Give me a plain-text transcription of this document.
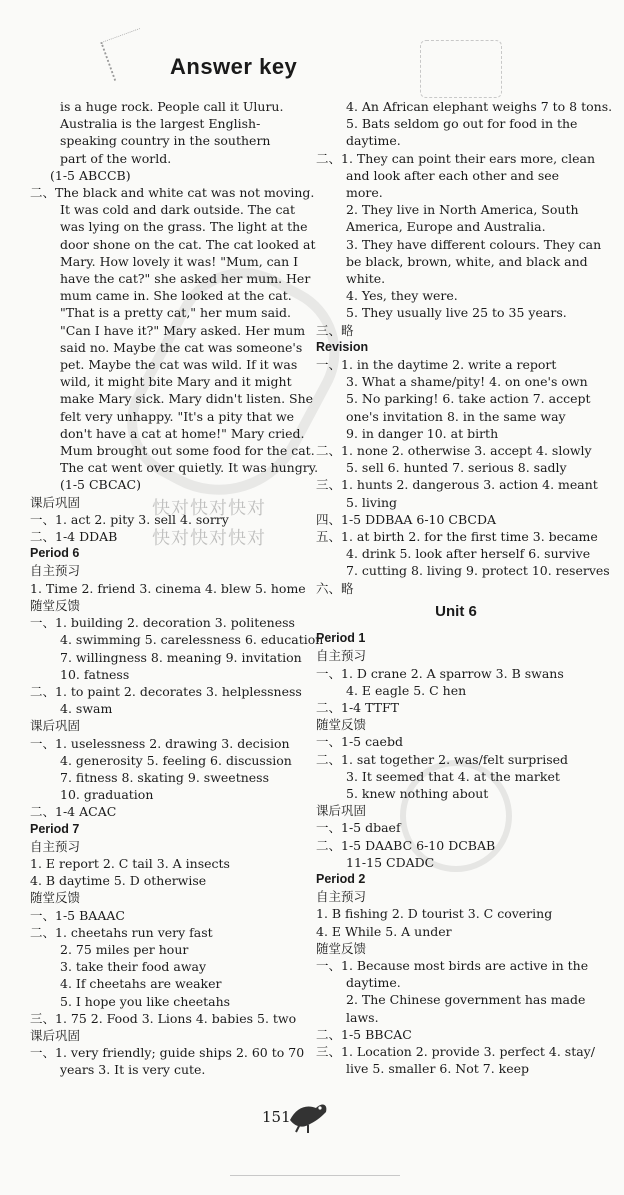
Answer key
is a huge rock. People call it Uluru.
Australia is the largest English-
speaking country in the southern
part of the world.
(1-5 ABCCB)
二、The black and white cat was not moving.
It was cold and dark outside. The cat
was lying on the grass. The light at the
door shone on the cat. The cat looked at
Mary. How lovely it was! "Mum, can I
have the cat?" she asked her mum. Her
mum came in. She looked at the cat.
"That is a pretty cat," her mum said.
"Can I have it?" Mary asked. Her mum
said no. Maybe the cat was someone's
pet. Maybe the cat was wild. If it was
wild, it might bite Mary and it might
make Mary sick. Mary didn't listen. She
felt very unhappy. "It's a pity that we
don't have a cat at home!" Mary cried.
Mum brought out some food for the cat.
The cat went over quietly. It was hungry.
(1-5 CBCAC)
课后巩固
一、1. act 2. pity 3. sell 4. sorry
二、1-4 DDAB
Period 6
自主预习
1. Time 2. friend 3. cinema 4. blew 5. home
随堂反馈
一、1. building 2. decoration 3. politeness
4. swimming 5. carelessness 6. education
7. willingness 8. meaning 9. invitation
10. fatness
二、1. to paint 2. decorates 3. helplessness
4. swam
课后巩固
一、1. uselessness 2. drawing 3. decision
4. generosity 5. feeling 6. discussion
7. fitness 8. skating 9. sweetness
10. graduation
二、1-4 ACAC
Period 7
自主预习
1. E report 2. C tail 3. A insects
4. B daytime 5. D otherwise
随堂反馈
一、1-5 BAAAC
二、1. cheetahs run very fast
2. 75 miles per hour
3. take their food away
4. If cheetahs are weaker
5. I hope you like cheetahs
三、1. 75 2. Food 3. Lions 4. babies 5. two
课后巩固
一、1. very friendly; guide ships 2. 60 to 70
years 3. It is very cute.
4. An African elephant weighs 7 to 8 tons.
5. Bats seldom go out for food in the
daytime.
二、1. They can point their ears more, clean
and look after each other and see
more.
2. They live in North America, South
America, Europe and Australia.
3. They have different colours. They can
be black, brown, white, and black and
white.
4. Yes, they were.
5. They usually live 25 to 35 years.
三、略
Revision
一、1. in the daytime 2. write a report
3. What a shame/pity! 4. on one's own
5. No parking! 6. take action 7. accept
one's invitation 8. in the same way
9. in danger 10. at birth
二、1. none 2. otherwise 3. accept 4. slowly
5. sell 6. hunted 7. serious 8. sadly
三、1. hunts 2. dangerous 3. action 4. meant
5. living
四、1-5 DDBAA 6-10 CBCDA
五、1. at birth 2. for the first time 3. became
4. drink 5. look after herself 6. survive
7. cutting 8. living 9. protect 10. reserves
六、略
Unit 6
Period 1
自主预习
一、1. D crane 2. A sparrow 3. B swans
4. E eagle 5. C hen
二、1-4 TTFT
随堂反馈
一、1-5 caebd
二、1. sat together 2. was/felt surprised
3. It seemed that 4. at the market
5. knew nothing about
课后巩固
一、1-5 dbaef
二、1-5 DAABC 6-10 DCBAB
11-15 CDADC
Period 2
自主预习
1. B fishing 2. D tourist 3. C covering
4. E While 5. A under
随堂反馈
一、1. Because most birds are active in the
daytime.
2. The Chinese government has made
laws.
二、1-5 BBCAC
三、1. Location 2. provide 3. perfect 4. stay/
live 5. smaller 6. Not 7. keep
快对快对快对
快对快对快对
151
